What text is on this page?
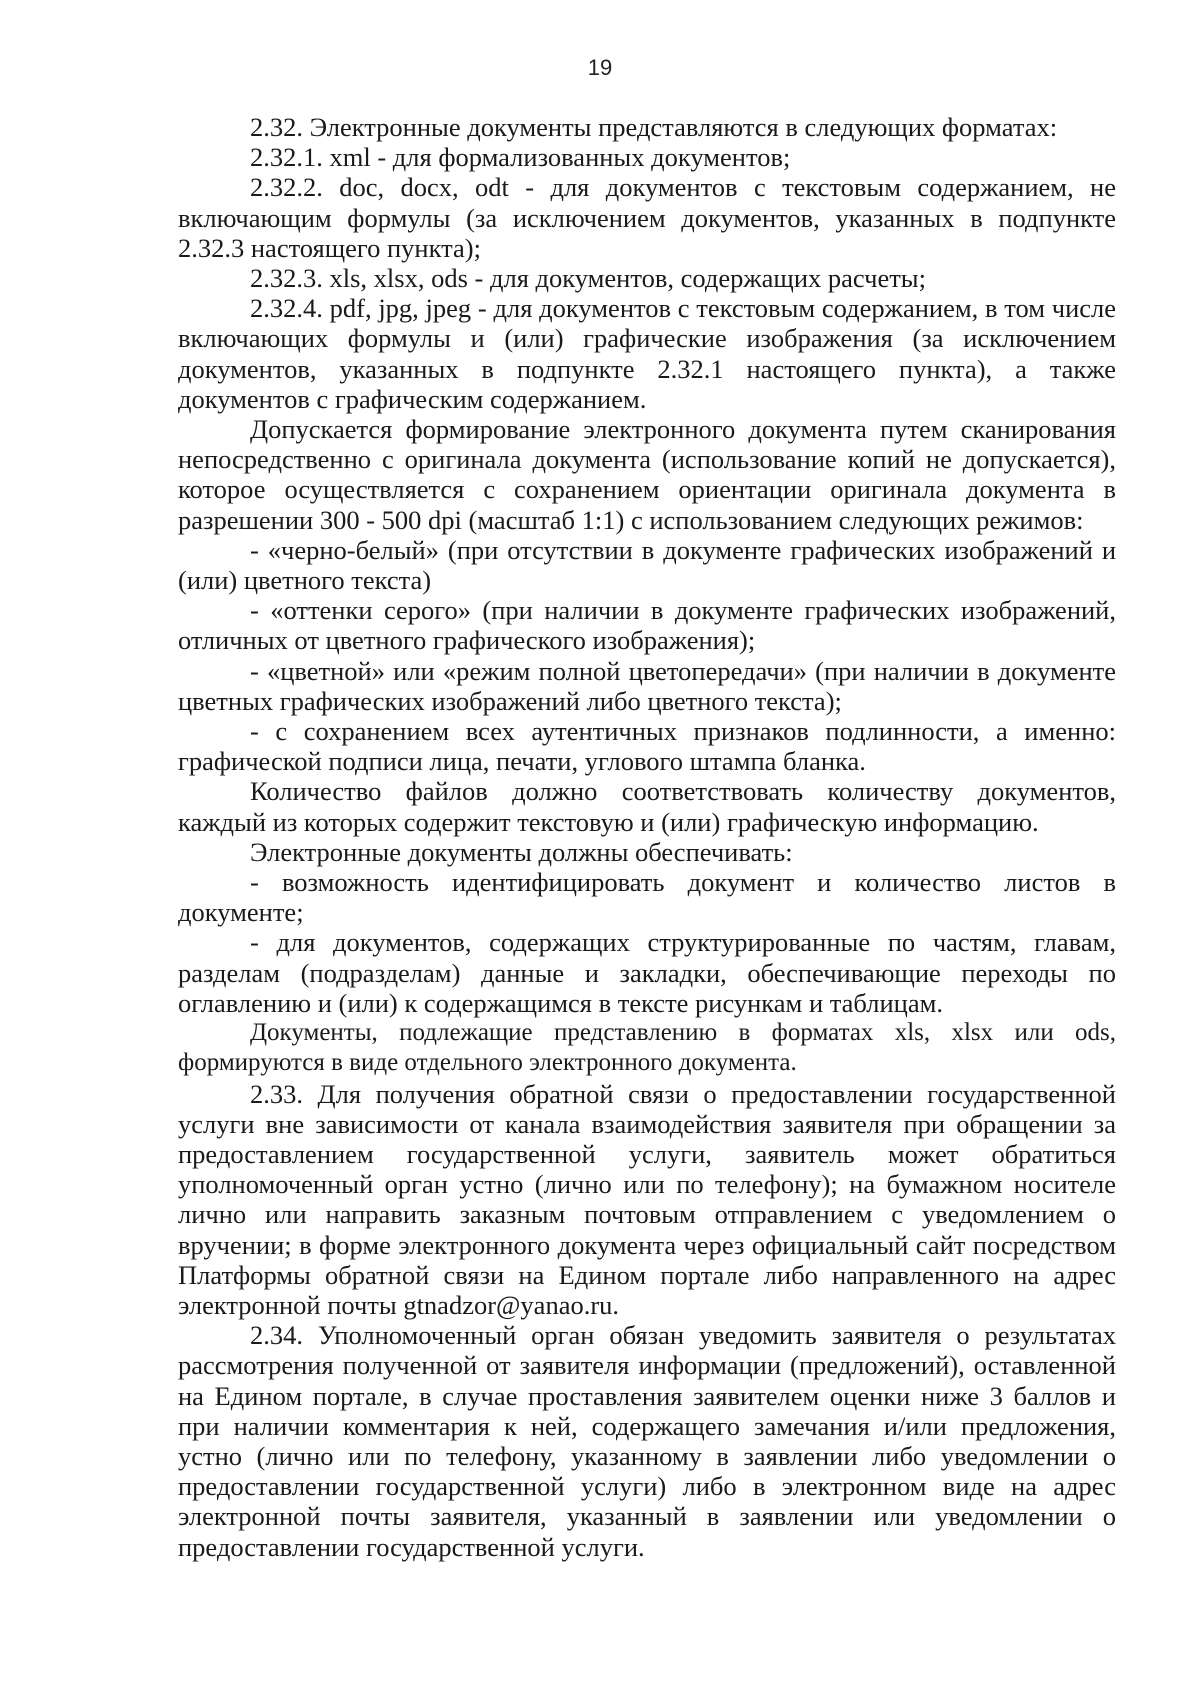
19

2.32. Электронные документы представляются в следующих форматах:

2.32.1. xml - для формализованных документов;

2.32.2. doc, docx, odt - для документов с текстовым содержанием, не включающим формулы (за исключением документов, указанных в подпункте 2.32.3 настоящего пункта);

2.32.3. xls, xlsx, ods - для документов, содержащих расчеты;

2.32.4. pdf, jpg, jpeg - для документов с текстовым содержанием, в том числе включающих формулы и (или) графические изображения (за исключением документов, указанных в подпункте 2.32.1 настоящего пункта), а также документов с графическим содержанием.

Допускается формирование электронного документа путем сканирования непосредственно с оригинала документа (использование копий не допускается), которое осуществляется с сохранением ориентации оригинала документа в разрешении 300 - 500 dpi (масштаб 1:1) с использованием следующих режимов:

- «черно-белый» (при отсутствии в документе графических изображений и (или) цветного текста)

- «оттенки серого» (при наличии в документе графических изображений, отличных от цветного графического изображения);

- «цветной» или «режим полной цветопередачи» (при наличии в документе цветных графических изображений либо цветного текста);

- с сохранением всех аутентичных признаков подлинности, а именно: графической подписи лица, печати, углового штампа бланка.

Количество файлов должно соответствовать количеству документов, каждый из которых содержит текстовую и (или) графическую информацию.

Электронные документы должны обеспечивать:

- возможность идентифицировать документ и количество листов в документе;

- для документов, содержащих структурированные по частям, главам, разделам (подразделам) данные и закладки, обеспечивающие переходы по оглавлению и (или) к содержащимся в тексте рисункам и таблицам.

Документы, подлежащие представлению в форматах xls, xlsx или ods, формируются в виде отдельного электронного документа.

2.33. Для получения обратной связи о предоставлении государственной услуги вне зависимости от канала взаимодействия заявителя при обращении за предоставлением государственной услуги, заявитель может обратиться уполномоченный орган устно (лично или по телефону); на бумажном носителе лично или направить заказным почтовым отправлением с уведомлением о вручении; в форме электронного документа через официальный сайт посредством Платформы обратной связи на Едином портале либо направленного на адрес электронной почты gtnadzor@yanao.ru.

2.34. Уполномоченный орган обязан уведомить заявителя о результатах рассмотрения полученной от заявителя информации (предложений), оставленной на Едином портале, в случае проставления заявителем оценки ниже 3 баллов и при наличии комментария к ней, содержащего замечания и/или предложения, устно (лично или по телефону, указанному в заявлении либо уведомлении о предоставлении государственной услуги) либо в электронном виде на адрес электронной почты заявителя, указанный в заявлении или уведомлении о предоставлении государственной услуги.
